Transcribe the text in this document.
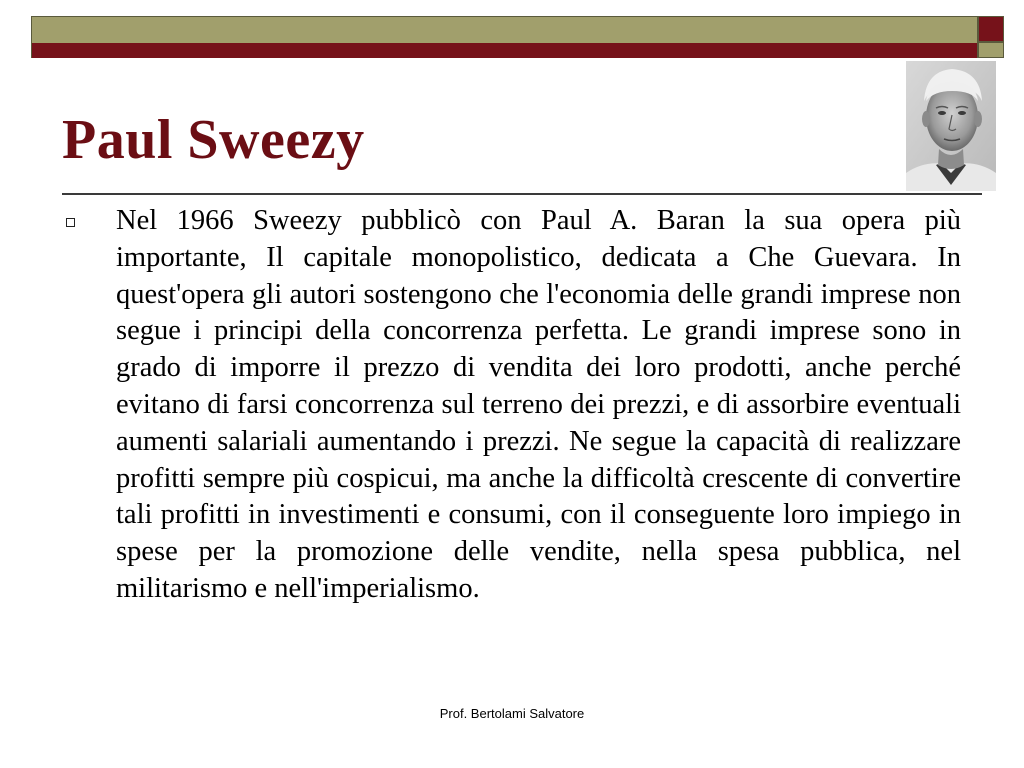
Paul Sweezy

Nel 1966 Sweezy pubblicò con Paul A. Baran la sua opera più importante, Il capitale monopolistico, dedicata a Che Guevara. In quest'opera gli autori sostengono che l'economia delle grandi imprese non segue i principi della concorrenza perfetta. Le grandi imprese sono in grado di imporre il prezzo di vendita dei loro prodotti, anche perché evitano di farsi concorrenza sul terreno dei prezzi, e di assorbire eventuali aumenti salariali aumentando i prezzi. Ne segue la capacità di realizzare profitti sempre più cospicui, ma anche la difficoltà crescente di convertire tali profitti in investimenti e consumi, con il conseguente loro impiego in spese per la promozione delle vendite, nella spesa pubblica, nel militarismo e nell'imperialismo.

Prof. Bertolami Salvatore
